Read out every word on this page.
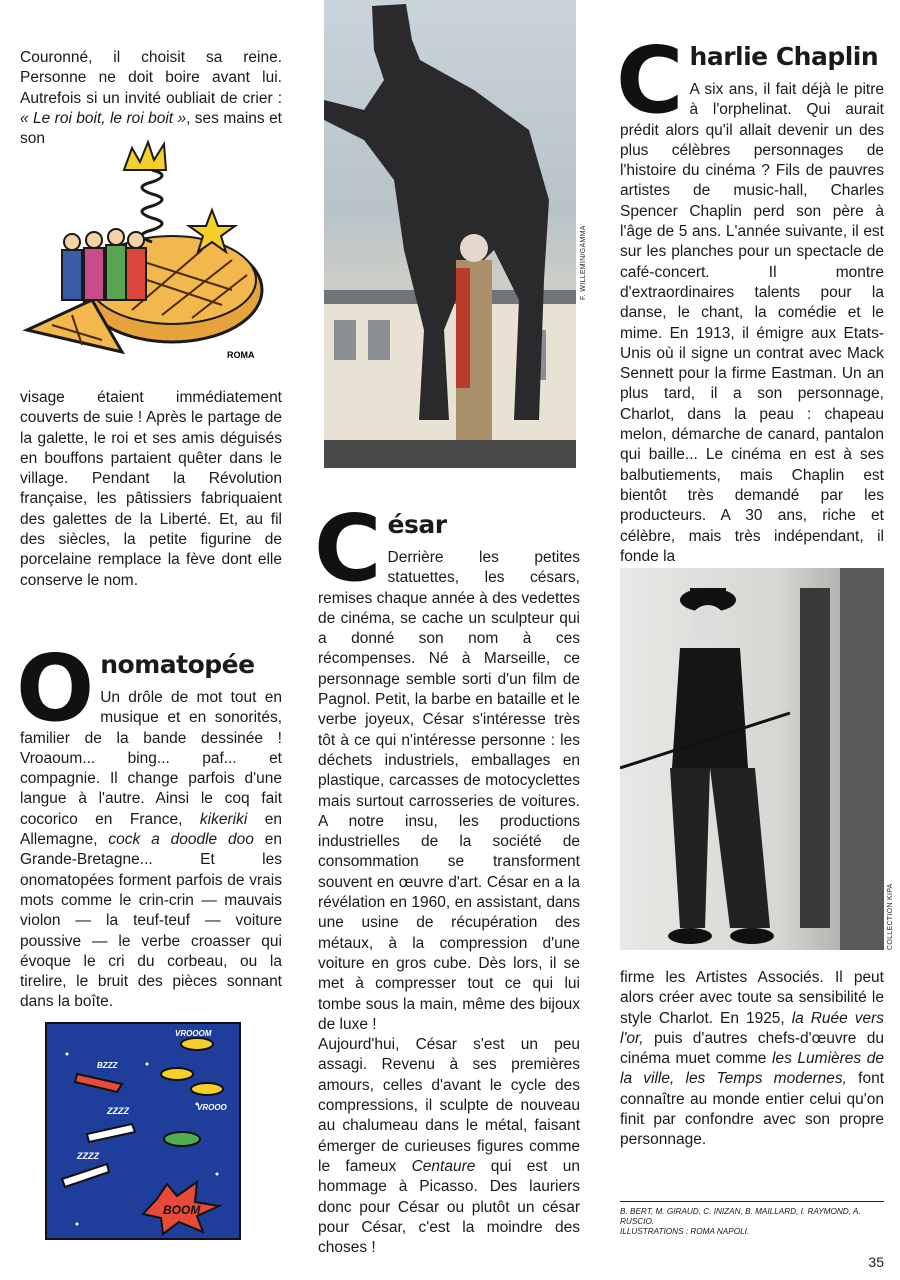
Couronné, il choisit sa reine. Personne ne doit boire avant lui. Autrefois si un invité oubliait de crier : « Le roi boit, le roi boit », ses mains et son

ROMA

visage étaient immédiatement couverts de suie ! Après le partage de la galette, le roi et ses amis déguisés en bouffons partaient quêter dans le village. Pendant la Révolution française, les pâtissiers fabriquaient des galettes de la Liberté. Et, au fil des siècles, la petite figurine de porcelaine remplace la fève dont elle conserve le nom.

O nomatopée

Un drôle de mot tout en musique et en sonorités, familier de la bande dessinée ! Vroaoum... bing... paf... et compagnie. Il change parfois d'une langue à l'autre. Ainsi le coq fait cocorico en France, kikeriki en Allemagne, cock a doodle doo en Grande-Bretagne... Et les onomatopées forment parfois de vrais mots comme le crin-crin — mauvais violon — la teuf-teuf — voiture poussive — le verbe croasser qui évoque le cri du corbeau, ou la tirelire, le bruit des pièces sonnant dans la boîte.

VROOOM
BZZZ
VROOO
ZZZZ
ZZZZ
BOOM
F. WILLEMIN/GAMMA
C ésar

Derrière les petites statuettes, les césars, remises chaque année à des vedettes de cinéma, se cache un sculpteur qui a donné son nom à ces récompenses. Né à Marseille, ce personnage semble sorti d'un film de Pagnol. Petit, la barbe en bataille et le verbe joyeux, César s'intéresse très tôt à ce qui n'intéresse personne : les déchets industriels, emballages en plastique, carcasses de motocyclettes mais surtout carrosseries de voitures. A notre insu, les productions industrielles de la société de consommation se transforment souvent en œuvre d'art. César en a la révélation en 1960, en assistant, dans une usine de récupération des métaux, à la compression d'une voiture en gros cube. Dès lors, il se met à compresser tout ce qui lui tombe sous la main, même des bijoux de luxe !

Aujourd'hui, César s'est un peu assagi. Revenu à ses premières amours, celles d'avant le cycle des compressions, il sculpte de nouveau au chalumeau dans le métal, faisant émerger de curieuses figures comme le fameux Centaure qui est un hommage à Picasso. Des lauriers donc pour César ou plutôt un césar pour César, c'est la moindre des choses !

C harlie Chaplin

A six ans, il fait déjà le pitre à l'orphelinat. Qui aurait prédit alors qu'il allait devenir un des plus célèbres personnages de l'histoire du cinéma ? Fils de pauvres artistes de music-hall, Charles Spencer Chaplin perd son père à l'âge de 5 ans. L'année suivante, il est sur les planches pour un spectacle de café-concert. Il montre d'extraordinaires talents pour la danse, le chant, la comédie et le mime. En 1913, il émigre aux Etats-Unis où il signe un contrat avec Mack Sennett pour la firme Eastman. Un an plus tard, il a son personnage, Charlot, dans la peau : chapeau melon, démarche de canard, pantalon qui baille... Le cinéma en est à ses balbutiements, mais Chaplin est bientôt très demandé par les producteurs. A 30 ans, riche et célèbre, mais très indépendant, il fonde la

COLLECTION KIPA

firme les Artistes Associés. Il peut alors créer avec toute sa sensibilité le style Charlot. En 1925, la Ruée vers l'or, puis d'autres chefs-d'œuvre du cinéma muet comme les Lumières de la ville, les Temps modernes, font connaître au monde entier celui qu'on finit par confondre avec son propre personnage.

B. BERT, M. GIRAUD, C. INIZAN, B. MAILLARD, I. RAYMOND, A. RUSCIO.
ILLUSTRATIONS : ROMA NAPOLI.
35
